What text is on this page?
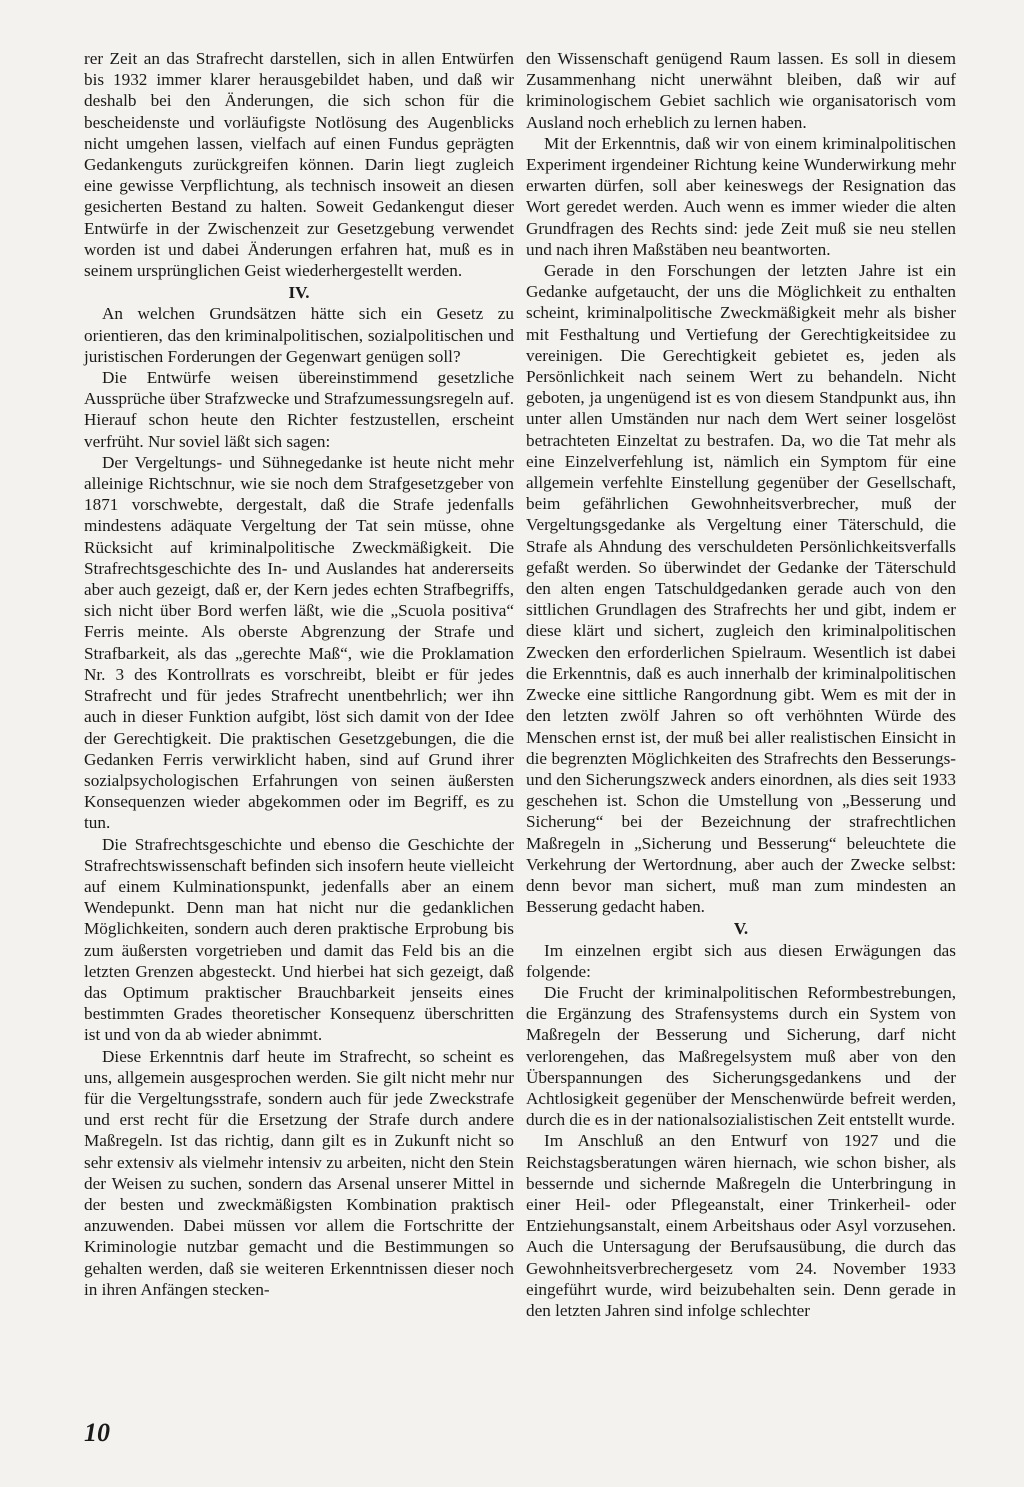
rer Zeit an das Strafrecht darstellen, sich in allen Entwürfen bis 1932 immer klarer herausgebildet haben, und daß wir deshalb bei den Änderungen, die sich schon für die bescheidenste und vorläufigste Notlösung des Augenblicks nicht umgehen lassen, vielfach auf einen Fundus geprägten Gedankenguts zurückgreifen können. Darin liegt zugleich eine gewisse Verpflichtung, als technisch insoweit an diesen gesicherten Bestand zu halten. Soweit Gedankengut dieser Entwürfe in der Zwischenzeit zur Gesetzgebung verwendet worden ist und dabei Änderungen erfahren hat, muß es in seinem ursprünglichen Geist wiederhergestellt werden.

IV.

An welchen Grundsätzen hätte sich ein Gesetz zu orientieren, das den kriminalpolitischen, sozialpolitischen und juristischen Forderungen der Gegenwart genügen soll?

Die Entwürfe weisen übereinstimmend gesetzliche Aussprüche über Strafzwecke und Strafzumessungsregeln auf. Hierauf schon heute den Richter festzustellen, erscheint verfrüht. Nur soviel läßt sich sagen:

Der Vergeltungs- und Sühnegedanke ist heute nicht mehr alleinige Richtschnur, wie sie noch dem Strafgesetzgeber von 1871 vorschwebte, dergestalt, daß die Strafe jedenfalls mindestens adäquate Vergeltung der Tat sein müsse, ohne Rücksicht auf kriminalpolitische Zweckmäßigkeit. Die Strafrechtsgeschichte des In- und Auslandes hat andererseits aber auch gezeigt, daß er, der Kern jedes echten Strafbegriffs, sich nicht über Bord werfen läßt, wie die „Scuola positiva“ Ferris meinte. Als oberste Abgrenzung der Strafe und Strafbarkeit, als das „gerechte Maß“, wie die Proklamation Nr. 3 des Kontrollrats es vorschreibt, bleibt er für jedes Strafrecht und für jedes Strafrecht unentbehrlich; wer ihn auch in dieser Funktion aufgibt, löst sich damit von der Idee der Gerechtigkeit. Die praktischen Gesetzgebungen, die die Gedanken Ferris verwirklicht haben, sind auf Grund ihrer sozialpsychologischen Erfahrungen von seinen äußersten Konsequenzen wieder abgekommen oder im Begriff, es zu tun.

Die Strafrechtsgeschichte und ebenso die Geschichte der Strafrechtswissenschaft befinden sich insofern heute vielleicht auf einem Kulminationspunkt, jedenfalls aber an einem Wendepunkt. Denn man hat nicht nur die gedanklichen Möglichkeiten, sondern auch deren praktische Erprobung bis zum äußersten vorgetrieben und damit das Feld bis an die letzten Grenzen abgesteckt. Und hierbei hat sich gezeigt, daß das Optimum praktischer Brauchbarkeit jenseits eines bestimmten Grades theoretischer Konsequenz überschritten ist und von da ab wieder abnimmt.

Diese Erkenntnis darf heute im Strafrecht, so scheint es uns, allgemein ausgesprochen werden. Sie gilt nicht mehr nur für die Vergeltungsstrafe, sondern auch für jede Zweckstrafe und erst recht für die Ersetzung der Strafe durch andere Maßregeln. Ist das richtig, dann gilt es in Zukunft nicht so sehr extensiv als vielmehr intensiv zu arbeiten, nicht den Stein der Weisen zu suchen, sondern das Arsenal unserer Mittel in der besten und zweckmäßigsten Kombination praktisch anzuwenden. Dabei müssen vor allem die Fortschritte der Kriminologie nutzbar gemacht und die Bestimmungen so gehalten werden, daß sie weiteren Erkenntnissen dieser noch in ihren Anfängen stecken-

den Wissenschaft genügend Raum lassen. Es soll in diesem Zusammenhang nicht unerwähnt bleiben, daß wir auf kriminologischem Gebiet sachlich wie organisatorisch vom Ausland noch erheblich zu lernen haben.

Mit der Erkenntnis, daß wir von einem kriminalpolitischen Experiment irgendeiner Richtung keine Wunderwirkung mehr erwarten dürfen, soll aber keineswegs der Resignation das Wort geredet werden. Auch wenn es immer wieder die alten Grundfragen des Rechts sind: jede Zeit muß sie neu stellen und nach ihren Maßstäben neu beantworten.

Gerade in den Forschungen der letzten Jahre ist ein Gedanke aufgetaucht, der uns die Möglichkeit zu enthalten scheint, kriminalpolitische Zweckmäßigkeit mehr als bisher mit Festhaltung und Vertiefung der Gerechtigkeitsidee zu vereinigen. Die Gerechtigkeit gebietet es, jeden als Persönlichkeit nach seinem Wert zu behandeln. Nicht geboten, ja ungenügend ist es von diesem Standpunkt aus, ihn unter allen Umständen nur nach dem Wert seiner losgelöst betrachteten Einzeltat zu bestrafen. Da, wo die Tat mehr als eine Einzelverfehlung ist, nämlich ein Symptom für eine allgemein verfehlte Einstellung gegenüber der Gesellschaft, beim gefährlichen Gewohnheitsverbrecher, muß der Vergeltungsgedanke als Vergeltung einer Täterschuld, die Strafe als Ahndung des verschuldeten Persönlichkeitsverfalls gefaßt werden. So überwindet der Gedanke der Täterschuld den alten engen Tatschuldgedanken gerade auch von den sittlichen Grundlagen des Strafrechts her und gibt, indem er diese klärt und sichert, zugleich den kriminalpolitischen Zwecken den erforderlichen Spielraum. Wesentlich ist dabei die Erkenntnis, daß es auch innerhalb der kriminalpolitischen Zwecke eine sittliche Rangordnung gibt. Wem es mit der in den letzten zwölf Jahren so oft verhöhnten Würde des Menschen ernst ist, der muß bei aller realistischen Einsicht in die begrenzten Möglichkeiten des Strafrechts den Besserungs- und den Sicherungszweck anders einordnen, als dies seit 1933 geschehen ist. Schon die Umstellung von „Besserung und Sicherung“ bei der Bezeichnung der strafrechtlichen Maßregeln in „Sicherung und Besserung“ beleuchtete die Verkehrung der Wertordnung, aber auch der Zwecke selbst: denn bevor man sichert, muß man zum mindesten an Besserung gedacht haben.

V.

Im einzelnen ergibt sich aus diesen Erwägungen das folgende:

Die Frucht der kriminalpolitischen Reformbestrebungen, die Ergänzung des Strafensystems durch ein System von Maßregeln der Besserung und Sicherung, darf nicht verlorengehen, das Maßregelsystem muß aber von den Überspannungen des Sicherungsgedankens und der Achtlosigkeit gegenüber der Menschenwürde befreit werden, durch die es in der nationalsozialistischen Zeit entstellt wurde.

Im Anschluß an den Entwurf von 1927 und die Reichstagsberatungen wären hiernach, wie schon bisher, als bessernde und sichernde Maßregeln die Unterbringung in einer Heil- oder Pflegeanstalt, einer Trinkerheil- oder Entziehungsanstalt, einem Arbeitshaus oder Asyl vorzusehen. Auch die Untersagung der Berufsausübung, die durch das Gewohnheitsverbrechergesetz vom 24. November 1933 eingeführt wurde, wird beizubehalten sein. Denn gerade in den letzten Jahren sind infolge schlechter

10
